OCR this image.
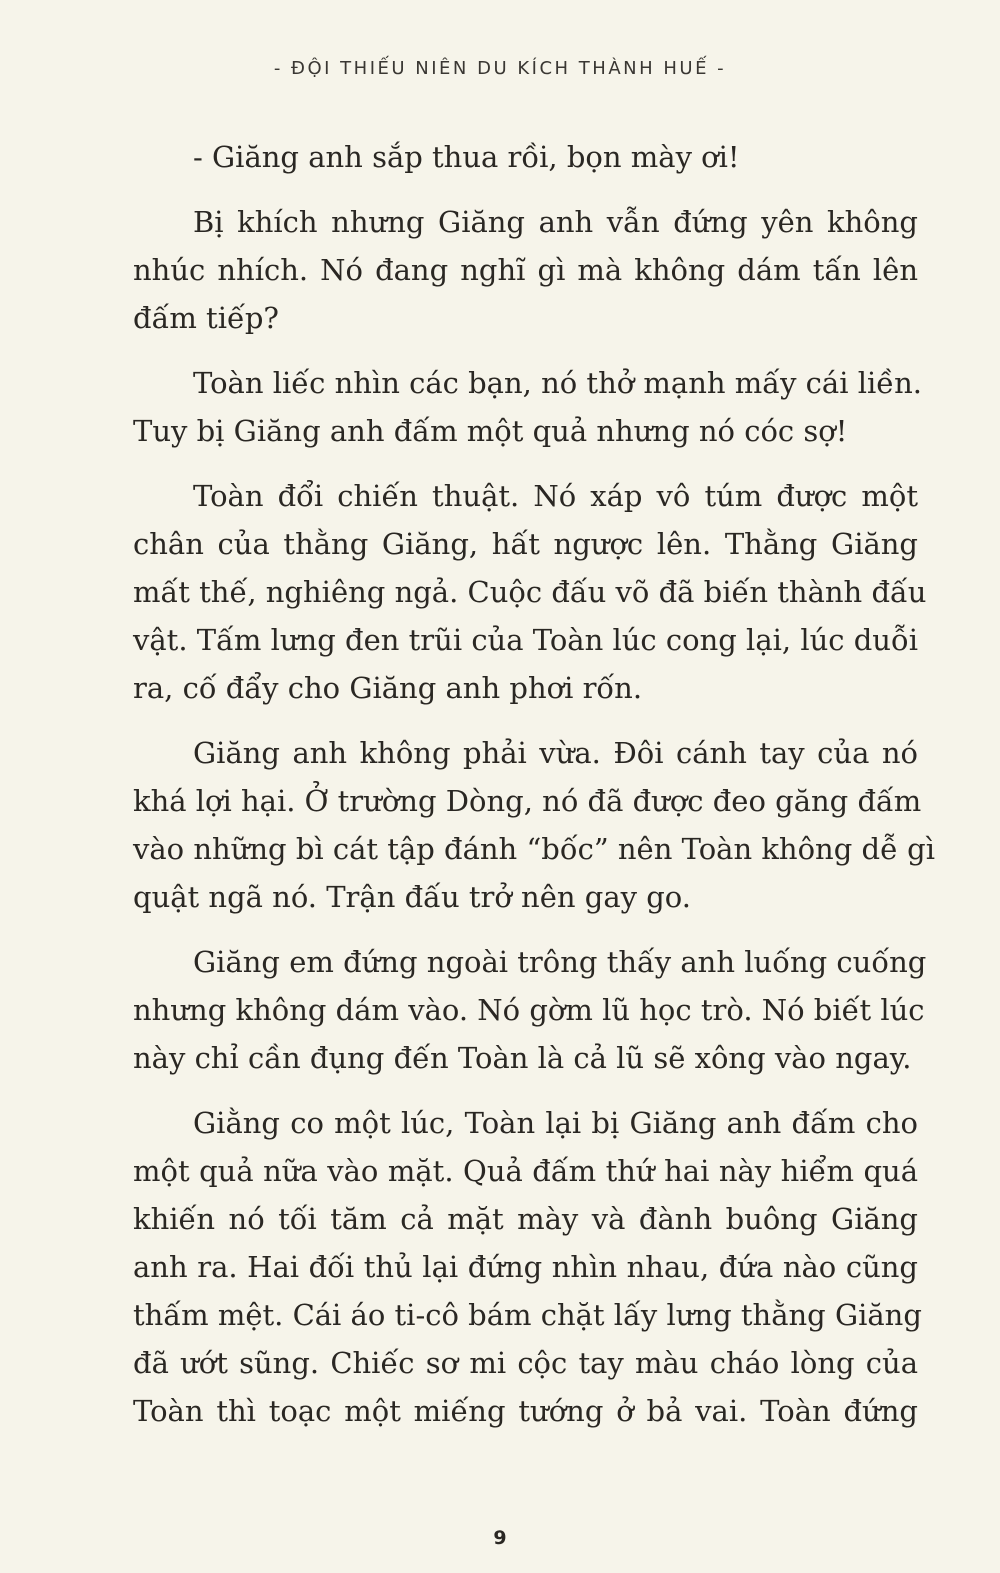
- ĐỘI THIẾU NIÊN DU KÍCH THÀNH HUẾ -
- Giăng anh sắp thua rồi, bọn mày ơi!
Bị khích nhưng Giăng anh vẫn đứng yên không
nhúc nhích. Nó đang nghĩ gì mà không dám tấn lên
đấm tiếp?
Toàn liếc nhìn các bạn, nó thở mạnh mấy cái liền.
Tuy bị Giăng anh đấm một quả nhưng nó cóc sợ!
Toàn đổi chiến thuật. Nó xáp vô túm được một
chân của thằng Giăng, hất ngược lên. Thằng Giăng
mất thế, nghiêng ngả. Cuộc đấu võ đã biến thành đấu
vật. Tấm lưng đen trũi của Toàn lúc cong lại, lúc duỗi
ra, cố đẩy cho Giăng anh phơi rốn.
Giăng anh không phải vừa. Đôi cánh tay của nó
khá lợi hại. Ở trường Dòng, nó đã được đeo găng đấm
vào những bì cát tập đánh “bốc” nên Toàn không dễ gì
quật ngã nó. Trận đấu trở nên gay go.
Giăng em đứng ngoài trông thấy anh luống cuống
nhưng không dám vào. Nó gờm lũ học trò. Nó biết lúc
này chỉ cần đụng đến Toàn là cả lũ sẽ xông vào ngay.
Giằng co một lúc, Toàn lại bị Giăng anh đấm cho
một quả nữa vào mặt. Quả đấm thứ hai này hiểm quá
khiến nó tối tăm cả mặt mày và đành buông Giăng
anh ra. Hai đối thủ lại đứng nhìn nhau, đứa nào cũng
thấm mệt. Cái áo ti-cô bám chặt lấy lưng thằng Giăng
đã ướt sũng. Chiếc sơ mi cộc tay màu cháo lòng của
Toàn thì toạc một miếng tướng ở bả vai. Toàn đứng
9
